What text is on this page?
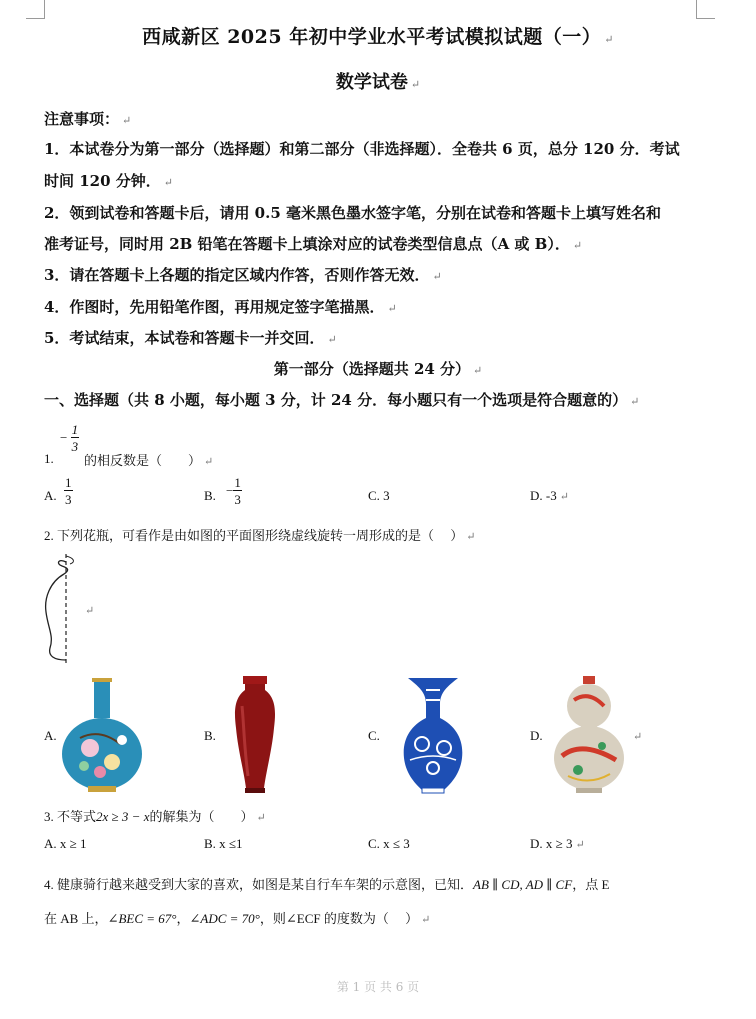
西咸新区 2025 年初中学业水平考试模拟试题（一） ↵
数学试卷 ↵
注意事项： ↵
1．本试卷分为第一部分（选择题）和第二部分（非选择题）．全卷共 6 页，总分 120 分．考试
时间 120 分钟． ↵
2．领到试卷和答题卡后，请用 0.5 毫米黑色墨水签字笔，分别在试卷和答题卡上填写姓名和
准考证号，同时用 2B 铅笔在答题卡上填涂对应的试卷类型信息点（A 或 B）． ↵
3．请在答题卡上各题的指定区域内作答，否则作答无效． ↵
4．作图时，先用铅笔作图，再用规定签字笔描黑． ↵
5．考试结束，本试卷和答题卡一并交回． ↵
第一部分（选择题共 24 分） ↵
一、选择题（共 8 小题，每小题 3 分，计 24 分．每小题只有一个选项是符合题意的） ↵
− $\frac{1}{3}$
1. 的相反数是（　　） ↵
A. $\frac{1}{3}$	B. − $\frac{1}{3}$	C. 3	D. -3 ↵
2. 下列花瓶，可看作是由如图的平面图形绕虚线旋转一周形成的是（　 ） ↵
↵
A.	B.	C.	D.	↵
3. 不等式2x ≥ 3 − x的解集为（　　） ↵
A. x ≥ 1	B. x ≤1	C. x ≤ 3	D. x ≥ 3 ↵
4. 健康骑行越来越受到大家的喜欢，如图是某自行车车架的示意图，已知．AB ∥ CD, AD ∥ CF，点 E
在 AB 上，∠BEC = 67°，∠ADC = 70°，则∠ECF 的度数为（　 ） ↵
第 1 页 共 6 页
